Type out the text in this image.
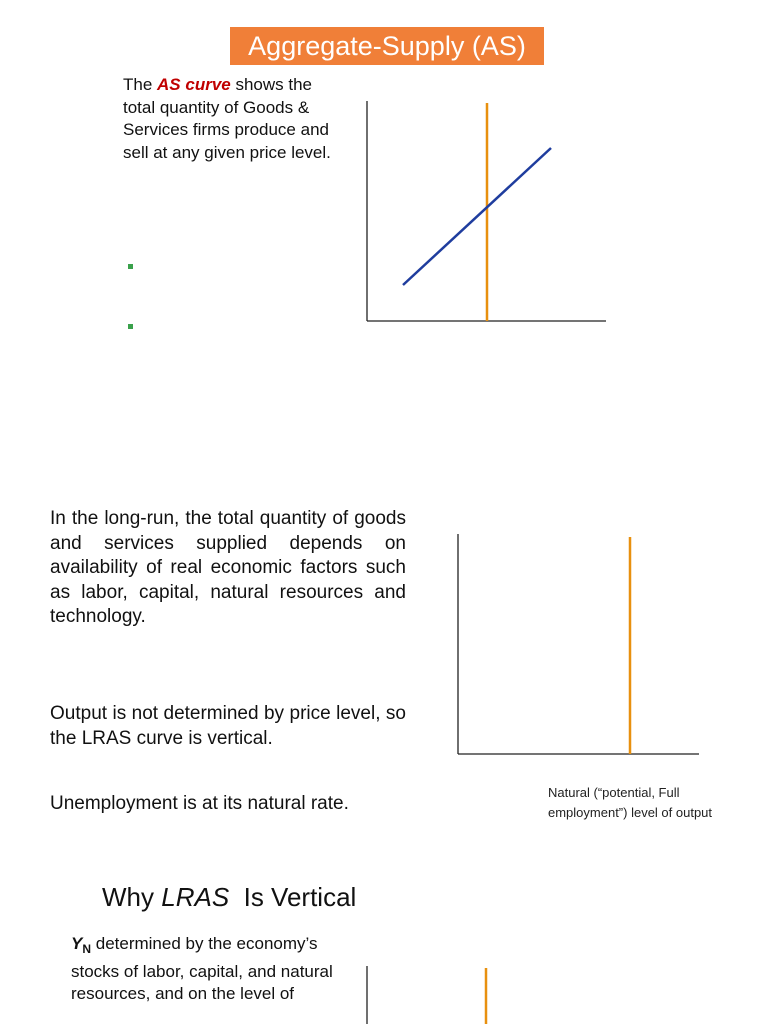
Aggregate-Supply (AS)
The AS curve shows the total quantity of Goods & Services firms produce and sell at any given price level.
In the long-run, the total quantity of goods and services supplied depends on availability of real economic factors such as labor, capital, natural resources and technology.
Output is not determined by price level, so the LRAS curve is vertical.
Unemployment is at its natural rate.
Natural (“potential, Full employment”) level of output
Why LRAS  Is Vertical
$Y_N$ determined by the economy’s stocks of labor, capital, and natural resources, and on the level of
